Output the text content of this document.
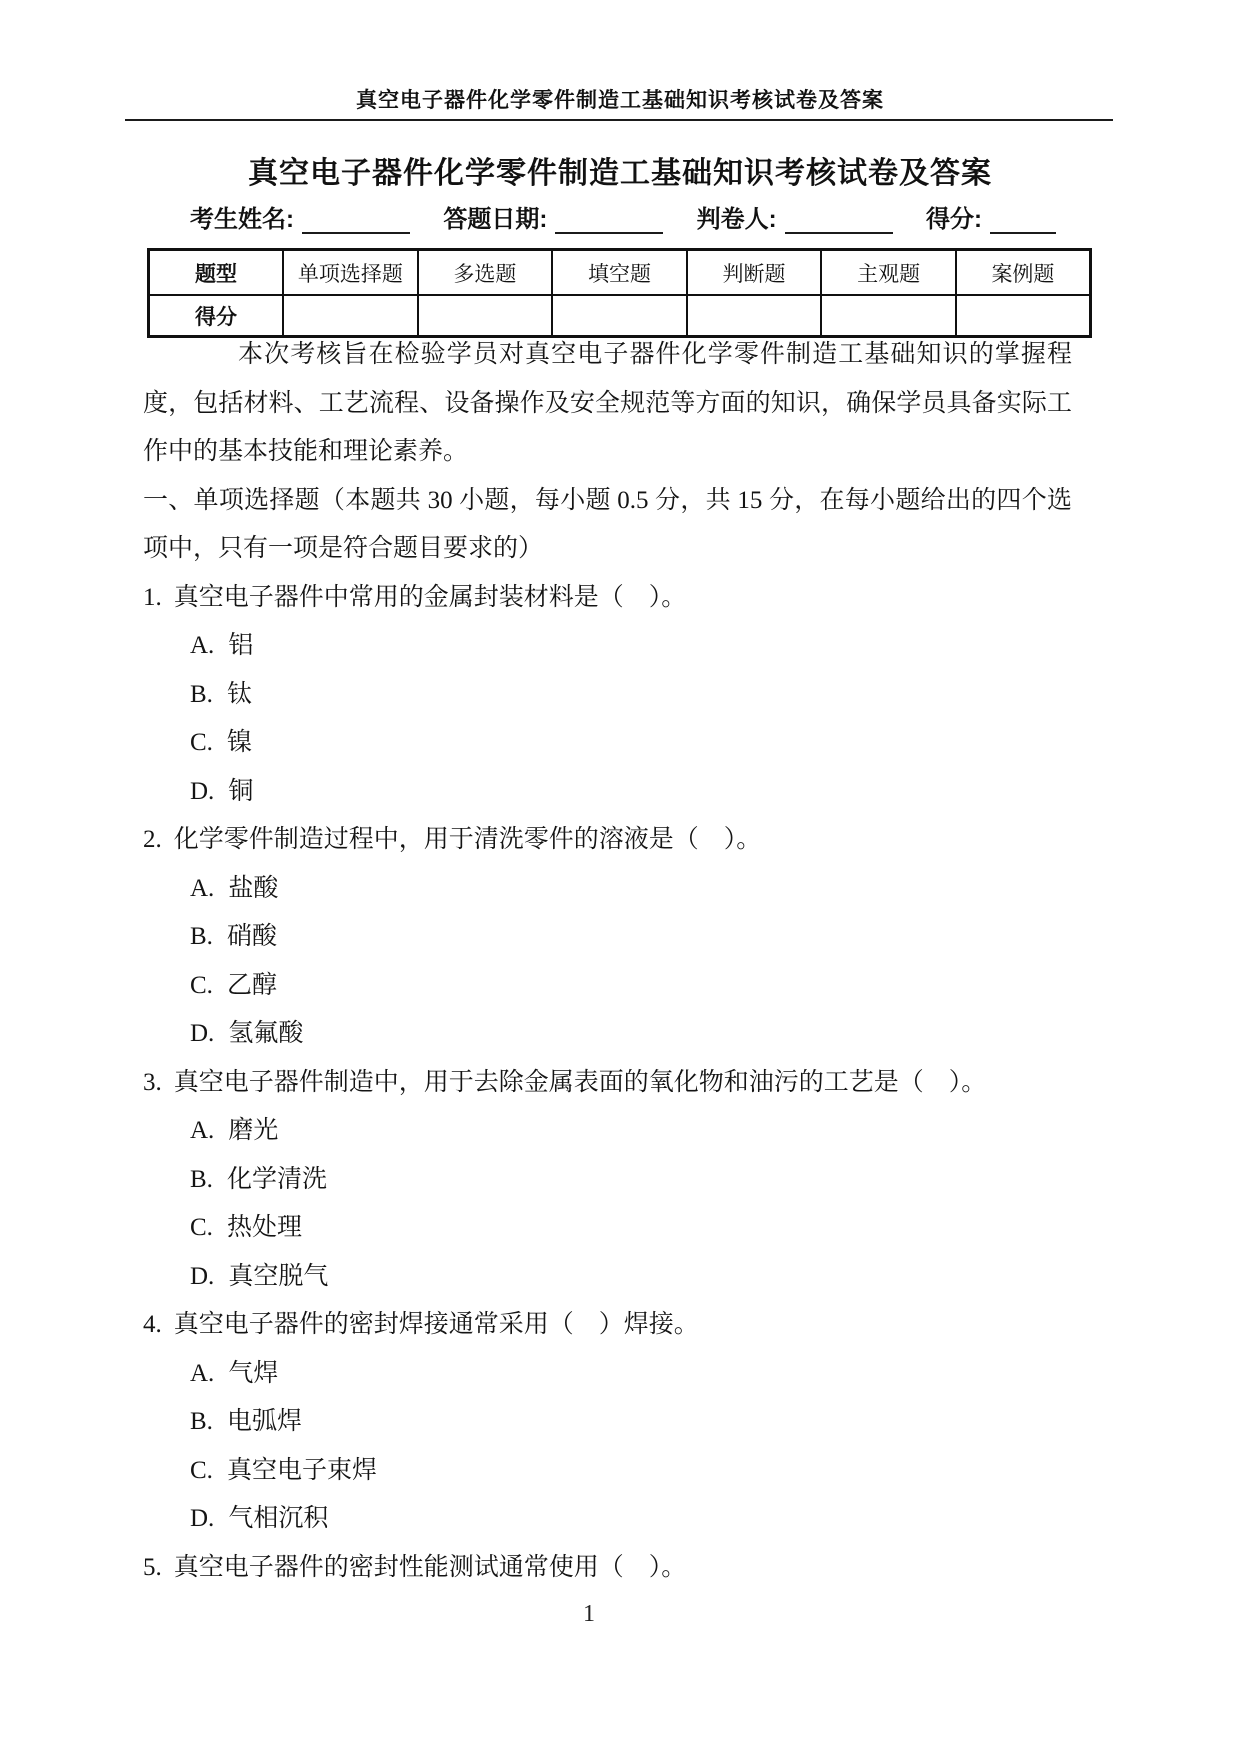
真空电子器件化学零件制造工基础知识考核试卷及答案
真空电子器件化学零件制造工基础知识考核试卷及答案
考生姓名:	答题日期:	判卷人:	得分:
题型	单项选择题	多选题	填空题	判断题	主观题	案例题
得分						

本次考核旨在检验学员对真空电子器件化学零件制造工基础知识的掌握程度，包括材料、工艺流程、设备操作及安全规范等方面的知识，确保学员具备实际工作中的基本技能和理论素养。

一、单项选择题（本题共 30 小题，每小题 0.5 分，共 15 分，在每小题给出的四个选项中，只有一项是符合题目要求的）

1. 真空电子器件中常用的金属封装材料是（　）。
A. 铝
B. 钛
C. 镍
D. 铜
2. 化学零件制造过程中，用于清洗零件的溶液是（　）。
A. 盐酸
B. 硝酸
C. 乙醇
D. 氢氟酸
3. 真空电子器件制造中，用于去除金属表面的氧化物和油污的工艺是（　）。
A. 磨光
B. 化学清洗
C. 热处理
D. 真空脱气
4. 真空电子器件的密封焊接通常采用（　）焊接。
A. 气焊
B. 电弧焊
C. 真空电子束焊
D. 气相沉积
5. 真空电子器件的密封性能测试通常使用（　）。
1
